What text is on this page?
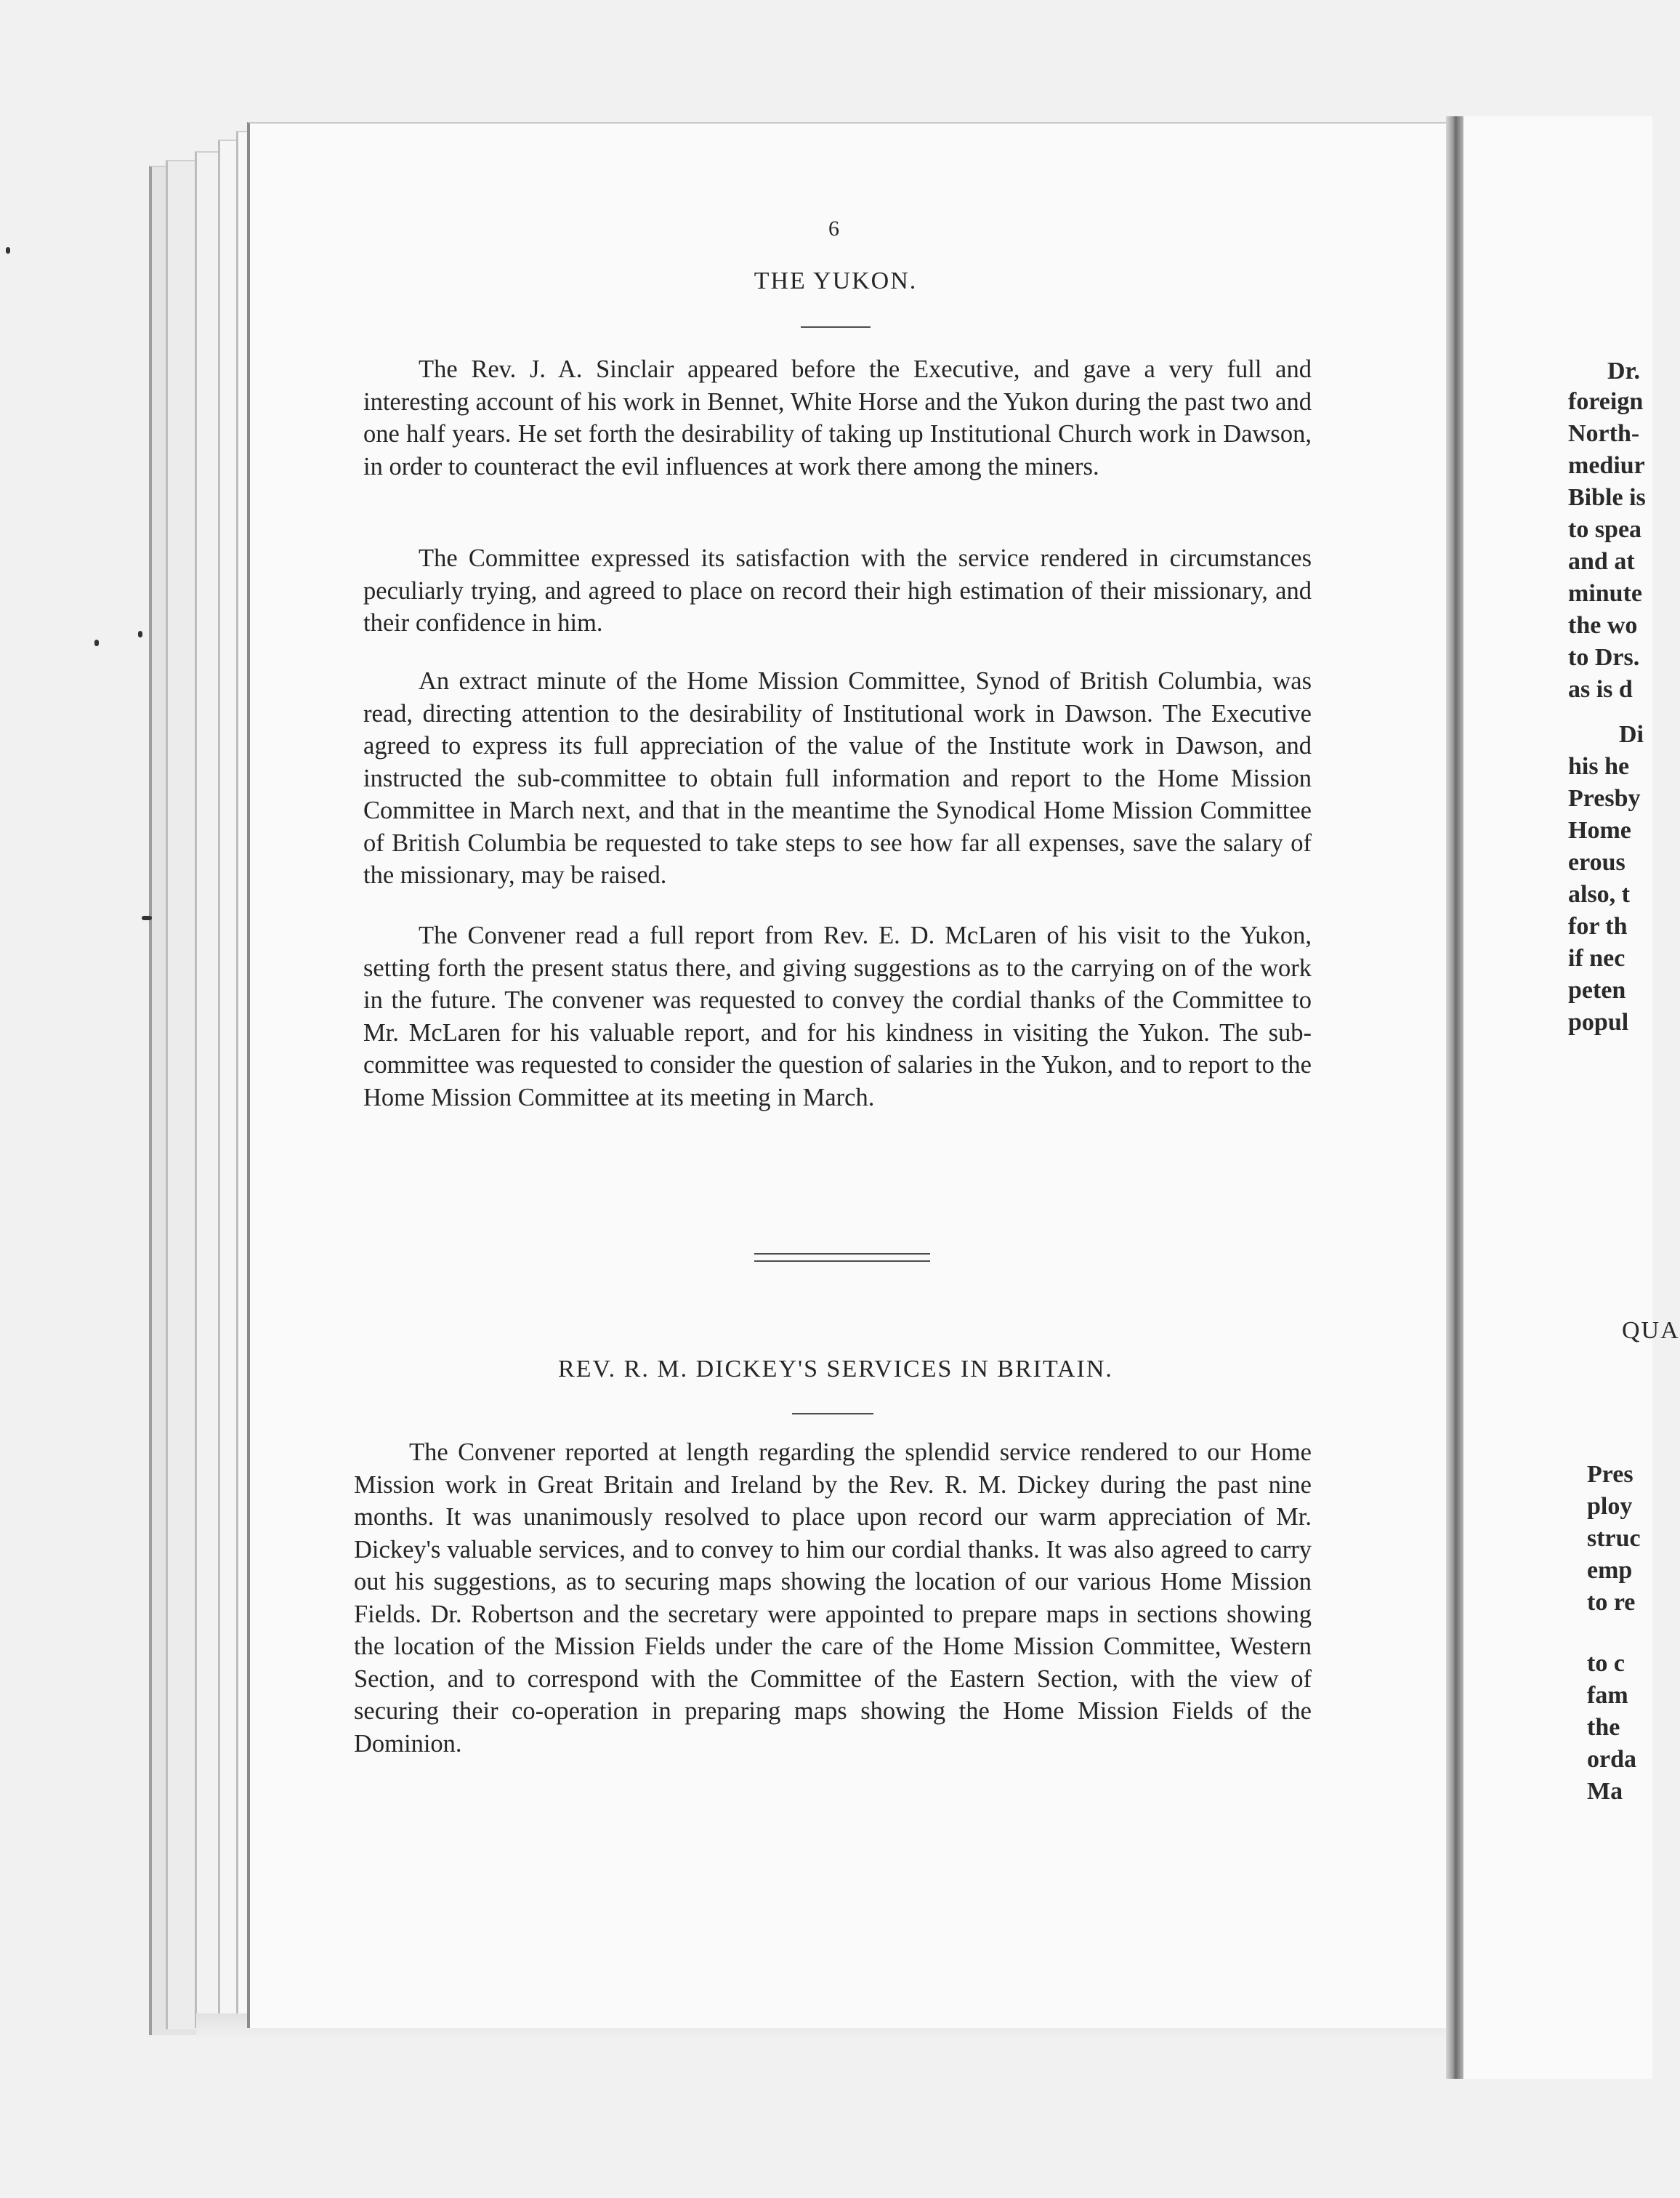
Dr.
foreign
North-
mediur
Bible is
to spea
and at
minute
the wo
to Drs.
as is d
Di
his he
Presby
Home
erous
also, t
for th
if nec
peten
popul
QUA
Pres
ploy
struc
emp
to re
to c
fam
the
orda
Ma
6
THE YUKON.

The Rev. J. A. Sinclair appeared before the Executive, and gave a very full and interesting account of his work in Bennet, White Horse and the Yukon during the past two and one half years. He set forth the desirability of taking up Institutional Church work in Dawson, in order to counteract the evil influences at work there among the miners.

The Committee expressed its satisfaction with the service rendered in circumstances peculiarly trying, and agreed to place on record their high estimation of their missionary, and their confidence in him.

An extract minute of the Home Mission Committee, Synod of British Columbia, was read, directing attention to the desirability of Institutional work in Dawson. The Executive agreed to express its full appreciation of the value of the Institute work in Dawson, and instructed the sub-committee to obtain full information and report to the Home Mission Committee in March next, and that in the meantime the Synodical Home Mission Committee of British Columbia be requested to take steps to see how far all expenses, save the salary of the missionary, may be raised.

The Convener read a full report from Rev. E. D. McLaren of his visit to the Yukon, setting forth the present status there, and giving suggestions as to the carrying on of the work in the future. The convener was requested to convey the cordial thanks of the Committee to Mr. McLaren for his valuable report, and for his kindness in visiting the Yukon. The sub-committee was requested to consider the question of salaries in the Yukon, and to report to the Home Mission Committee at its meeting in March.

REV. R. M. DICKEY'S SERVICES IN BRITAIN.

The Convener reported at length regarding the splendid service rendered to our Home Mission work in Great Britain and Ireland by the Rev. R. M. Dickey during the past nine months. It was unanimously resolved to place upon record our warm appreciation of Mr. Dickey's valuable services, and to convey to him our cordial thanks. It was also agreed to carry out his suggestions, as to securing maps showing the location of our various Home Mission Fields. Dr. Robertson and the secretary were appointed to prepare maps in sections showing the location of the Mission Fields under the care of the Home Mission Committee, Western Section, and to correspond with the Committee of the Eastern Section, with the view of securing their co-operation in preparing maps showing the Home Mission Fields of the Dominion.
